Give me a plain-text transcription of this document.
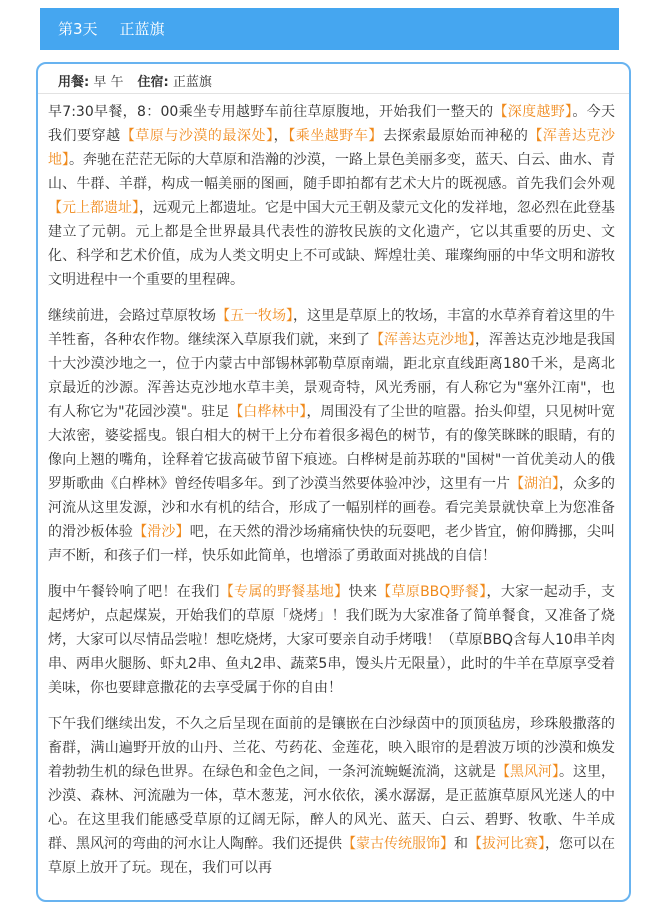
第3天 正蓝旗
用餐: 早 午 住宿: 正蓝旗

早7:30早餐，8：00乘坐专用越野车前往草原腹地，开始我们一整天的【深度越野】。今天我们要穿越【草原与沙漠的最深处】，【乘坐越野车】去探索最原始而神秘的【浑善达克沙地】。奔驰在茫茫无际的大草原和浩瀚的沙漠，一路上景色美丽多变，蓝天、白云、曲水、青山、牛群、羊群，构成一幅美丽的图画，随手即拍都有艺术大片的既视感。首先我们会外观【元上都遗址】，远观元上都遗址。它是中国大元王朝及蒙元文化的发祥地，忽必烈在此登基建立了元朝。元上都是全世界最具代表性的游牧民族的文化遗产，它以其重要的历史、文化、科学和艺术价值，成为人类文明史上不可或缺、辉煌壮美、璀璨绚丽的中华文明和游牧文明进程中一个重要的里程碑。

继续前进，会路过草原牧场【五一牧场】，这里是草原上的牧场，丰富的水草养育着这里的牛羊牲畜，各种农作物。继续深入草原我们就，来到了【浑善达克沙地】，浑善达克沙地是我国十大沙漠沙地之一，位于内蒙古中部锡林郭勒草原南端，距北京直线距离180千米，是离北京最近的沙源。浑善达克沙地水草丰美，景观奇特，风光秀丽，有人称它为"塞外江南"，也有人称它为"花园沙漠"。驻足【白桦林中】，周围没有了尘世的喧嚣。抬头仰望，只见树叶宽大浓密，婆娑摇曳。银白相大的树干上分布着很多褐色的树节，有的像笑眯眯的眼睛，有的像向上翘的嘴角，诠释着它拔高破节留下痕迹。白桦树是前苏联的"国树"一首优美动人的俄罗斯歌曲《白桦林》曾经传唱多年。到了沙漠当然要体验冲沙，这里有一片【湖泊】，众多的河流从这里发源，沙和水有机的结合，形成了一幅别样的画卷。看完美景就快章上为您准备的滑沙板体验【滑沙】吧，在天然的滑沙场痛痛快快的玩耍吧，老少皆宜，俯仰腾挪，尖叫声不断，和孩子们一样，快乐如此简单，也增添了勇敢面对挑战的自信！

腹中午餐铃响了吧！在我们【专属的野餐基地】快来【草原BBQ野餐】，大家一起动手，支起烤炉，点起煤炭，开始我们的草原「烧烤」！我们既为大家准备了简单餐食，又准备了烧烤，大家可以尽情品尝啦！想吃烧烤，大家可要亲自动手烤哦！（草原BBQ含每人10串羊肉串、两串火腿肠、虾丸2串、鱼丸2串、蔬菜5串，馒头片无限量），此时的牛羊在草原享受着美味，你也要肆意撒花的去享受属于你的自由！

下午我们继续出发，不久之后呈现在面前的是镶嵌在白沙绿茵中的顶顶毡房，珍珠般撒落的畜群，满山遍野开放的山丹、兰花、芍药花、金莲花，映入眼帘的是碧波万顷的沙漠和焕发着勃勃生机的绿色世界。在绿色和金色之间，一条河流蜿蜒流淌，这就是【黑风河】。这里，沙漠、森林、河流融为一体，草木葱茏，河水依依，溪水潺潺，是正蓝旗草原风光迷人的中心。在这里我们能感受草原的辽阔无际，醉人的风光、蓝天、白云、碧野、牧歌、牛羊成群、黑风河的弯曲的河水让人陶醉。我们还提供【蒙古传统服饰】和【拔河比赛】，您可以在草原上放开了玩。现在，我们可以再
